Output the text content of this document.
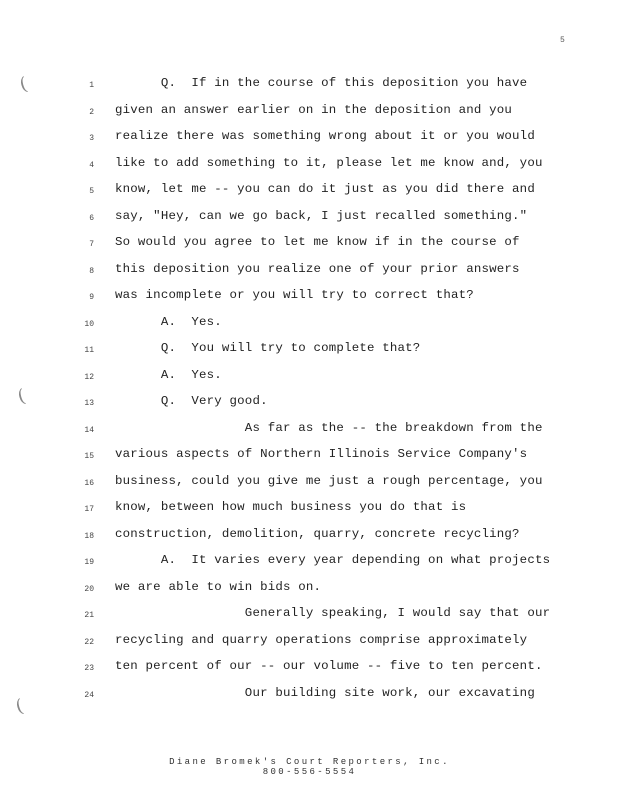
5
(
(
(
1 Q.  If in the course of this deposition you have
2 given an answer earlier on in the deposition and you
3 realize there was something wrong about it or you would
4 like to add something to it, please let me know and, you
5 know, let me -- you can do it just as you did there and
6 say, "Hey, can we go back, I just recalled something."
7 So would you agree to let me know if in the course of
8 this deposition you realize one of your prior answers
9 was incomplete or you will try to correct that?
10 A.  Yes.
11 Q.  You will try to complete that?
12 A.  Yes.
13 Q.  Very good.
14 As far as the -- the breakdown from the
15 various aspects of Northern Illinois Service Company's
16 business, could you give me just a rough percentage, you
17 know, between how much business you do that is
18 construction, demolition, quarry, concrete recycling?
19 A.  It varies every year depending on what projects
20 we are able to win bids on.
21 Generally speaking, I would say that our
22 recycling and quarry operations comprise approximately
23 ten percent of our -- our volume -- five to ten percent.
24 Our building site work, our excavating
Diane Bromek's Court Reporters, Inc.
800-556-5554
